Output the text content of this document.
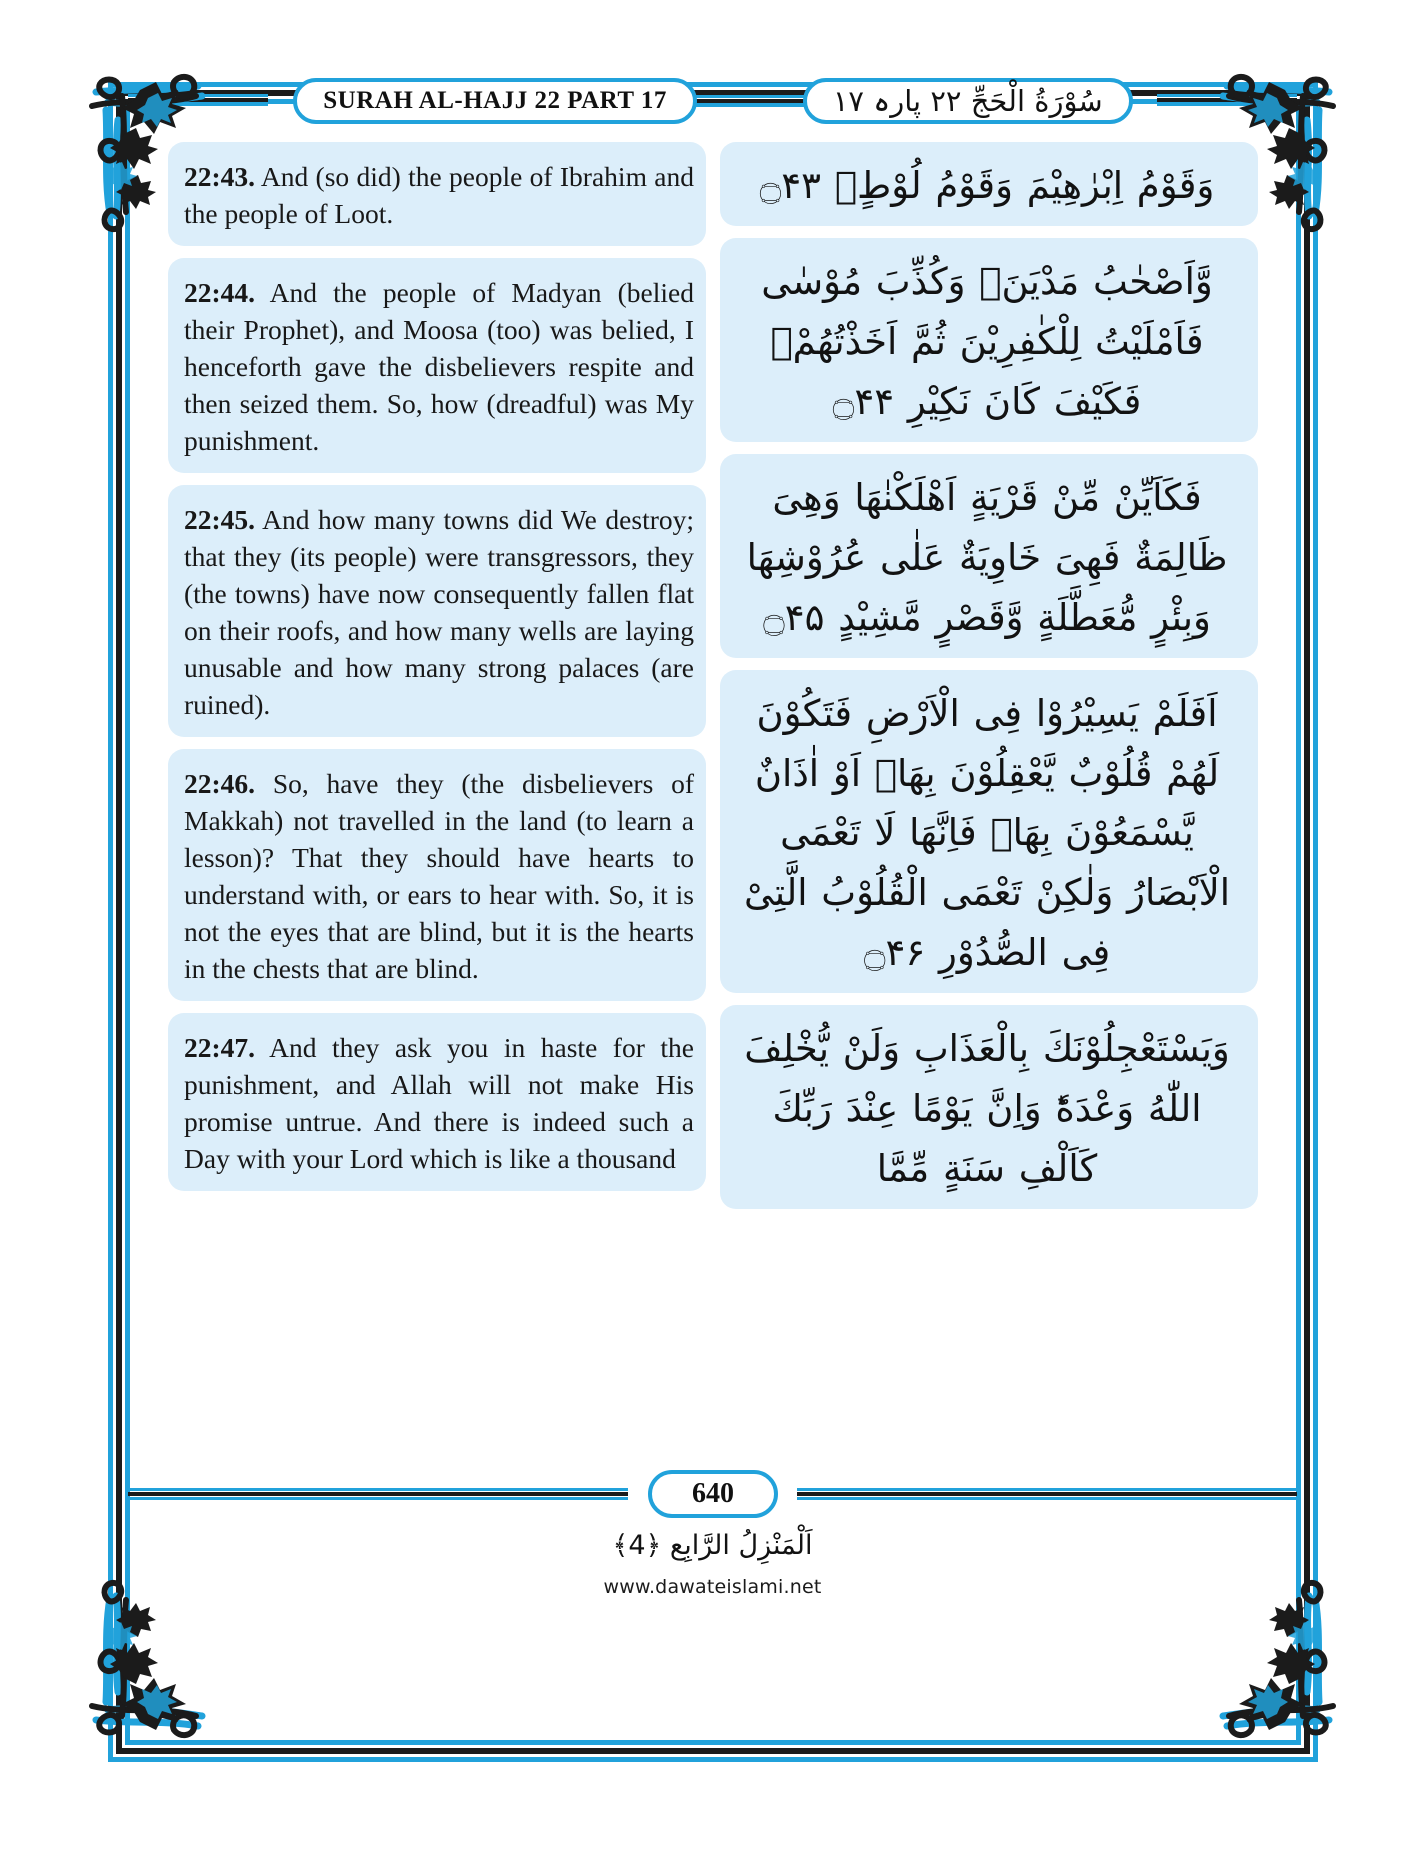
SURAH AL-HAJJ 22 PART 17	سُوْرَةُ الْحَجِّ ٢٢ پارہ ١٧

22:43. And (so did) the people of Ibrahim and the people of Loot.

22:44. And the people of Madyan (belied their Prophet), and Moosa (too) was belied, I henceforth gave the disbelievers respite and then seized them. So, how (dreadful) was My punishment.

22:45. And how many towns did We destroy; that they (its people) were transgressors, they (the towns) have now consequently fallen flat on their roofs, and how many wells are laying unusable and how many strong palaces (are ruined).

22:46. So, have they (the disbelievers of Makkah) not travelled in the land (to learn a lesson)? That they should have hearts to understand with, or ears to hear with. So, it is not the eyes that are blind, but it is the hearts in the chests that are blind.

22:47. And they ask you in haste for the punishment, and Allah will not make His promise untrue. And there is indeed such a Day with your Lord which is like a thousand

وَقَوْمُ اِبْرٰهِیْمَ وَقَوْمُ لُوْطٍۙ ۝۴۳

وَّاَصْحٰبُ مَدْیَنَۚ وَكُذِّبَ مُوْسٰى فَاَمْلَیْتُ لِلْكٰفِرِیْنَ ثُمَّ اَخَذْتُهُمْۚ فَكَیْفَ كَانَ نَكِیْرِ ۝۴۴

فَكَاَیِّنْ مِّنْ قَرْیَةٍ اَهْلَكْنٰهَا وَهِیَ ظَالِمَةٌ فَهِیَ خَاوِیَةٌ عَلٰى عُرُوْشِهَا وَبِئْرٍ مُّعَطَّلَةٍ وَّقَصْرٍ مَّشِیْدٍ ۝۴۵

اَفَلَمْ یَسِیْرُوْا فِی الْاَرْضِ فَتَكُوْنَ لَهُمْ قُلُوْبٌ یَّعْقِلُوْنَ بِهَاۤ اَوْ اٰذَانٌ یَّسْمَعُوْنَ بِهَاۚ فَاِنَّهَا لَا تَعْمَى الْاَبْصَارُ وَلٰكِنْ تَعْمَى الْقُلُوْبُ الَّتِیْ فِی الصُّدُوْرِ ۝۴۶

وَیَسْتَعْجِلُوْنَكَ بِالْعَذَابِ وَلَنْ یُّخْلِفَ اللّٰهُ وَعْدَهٗؕ وَاِنَّ یَوْمًا عِنْدَ رَبِّكَ كَاَلْفِ سَنَةٍ مِّمَّا

640
اَلْمَنْزِلُ الرَّابِع ﴿4﴾
www.dawateislami.net
